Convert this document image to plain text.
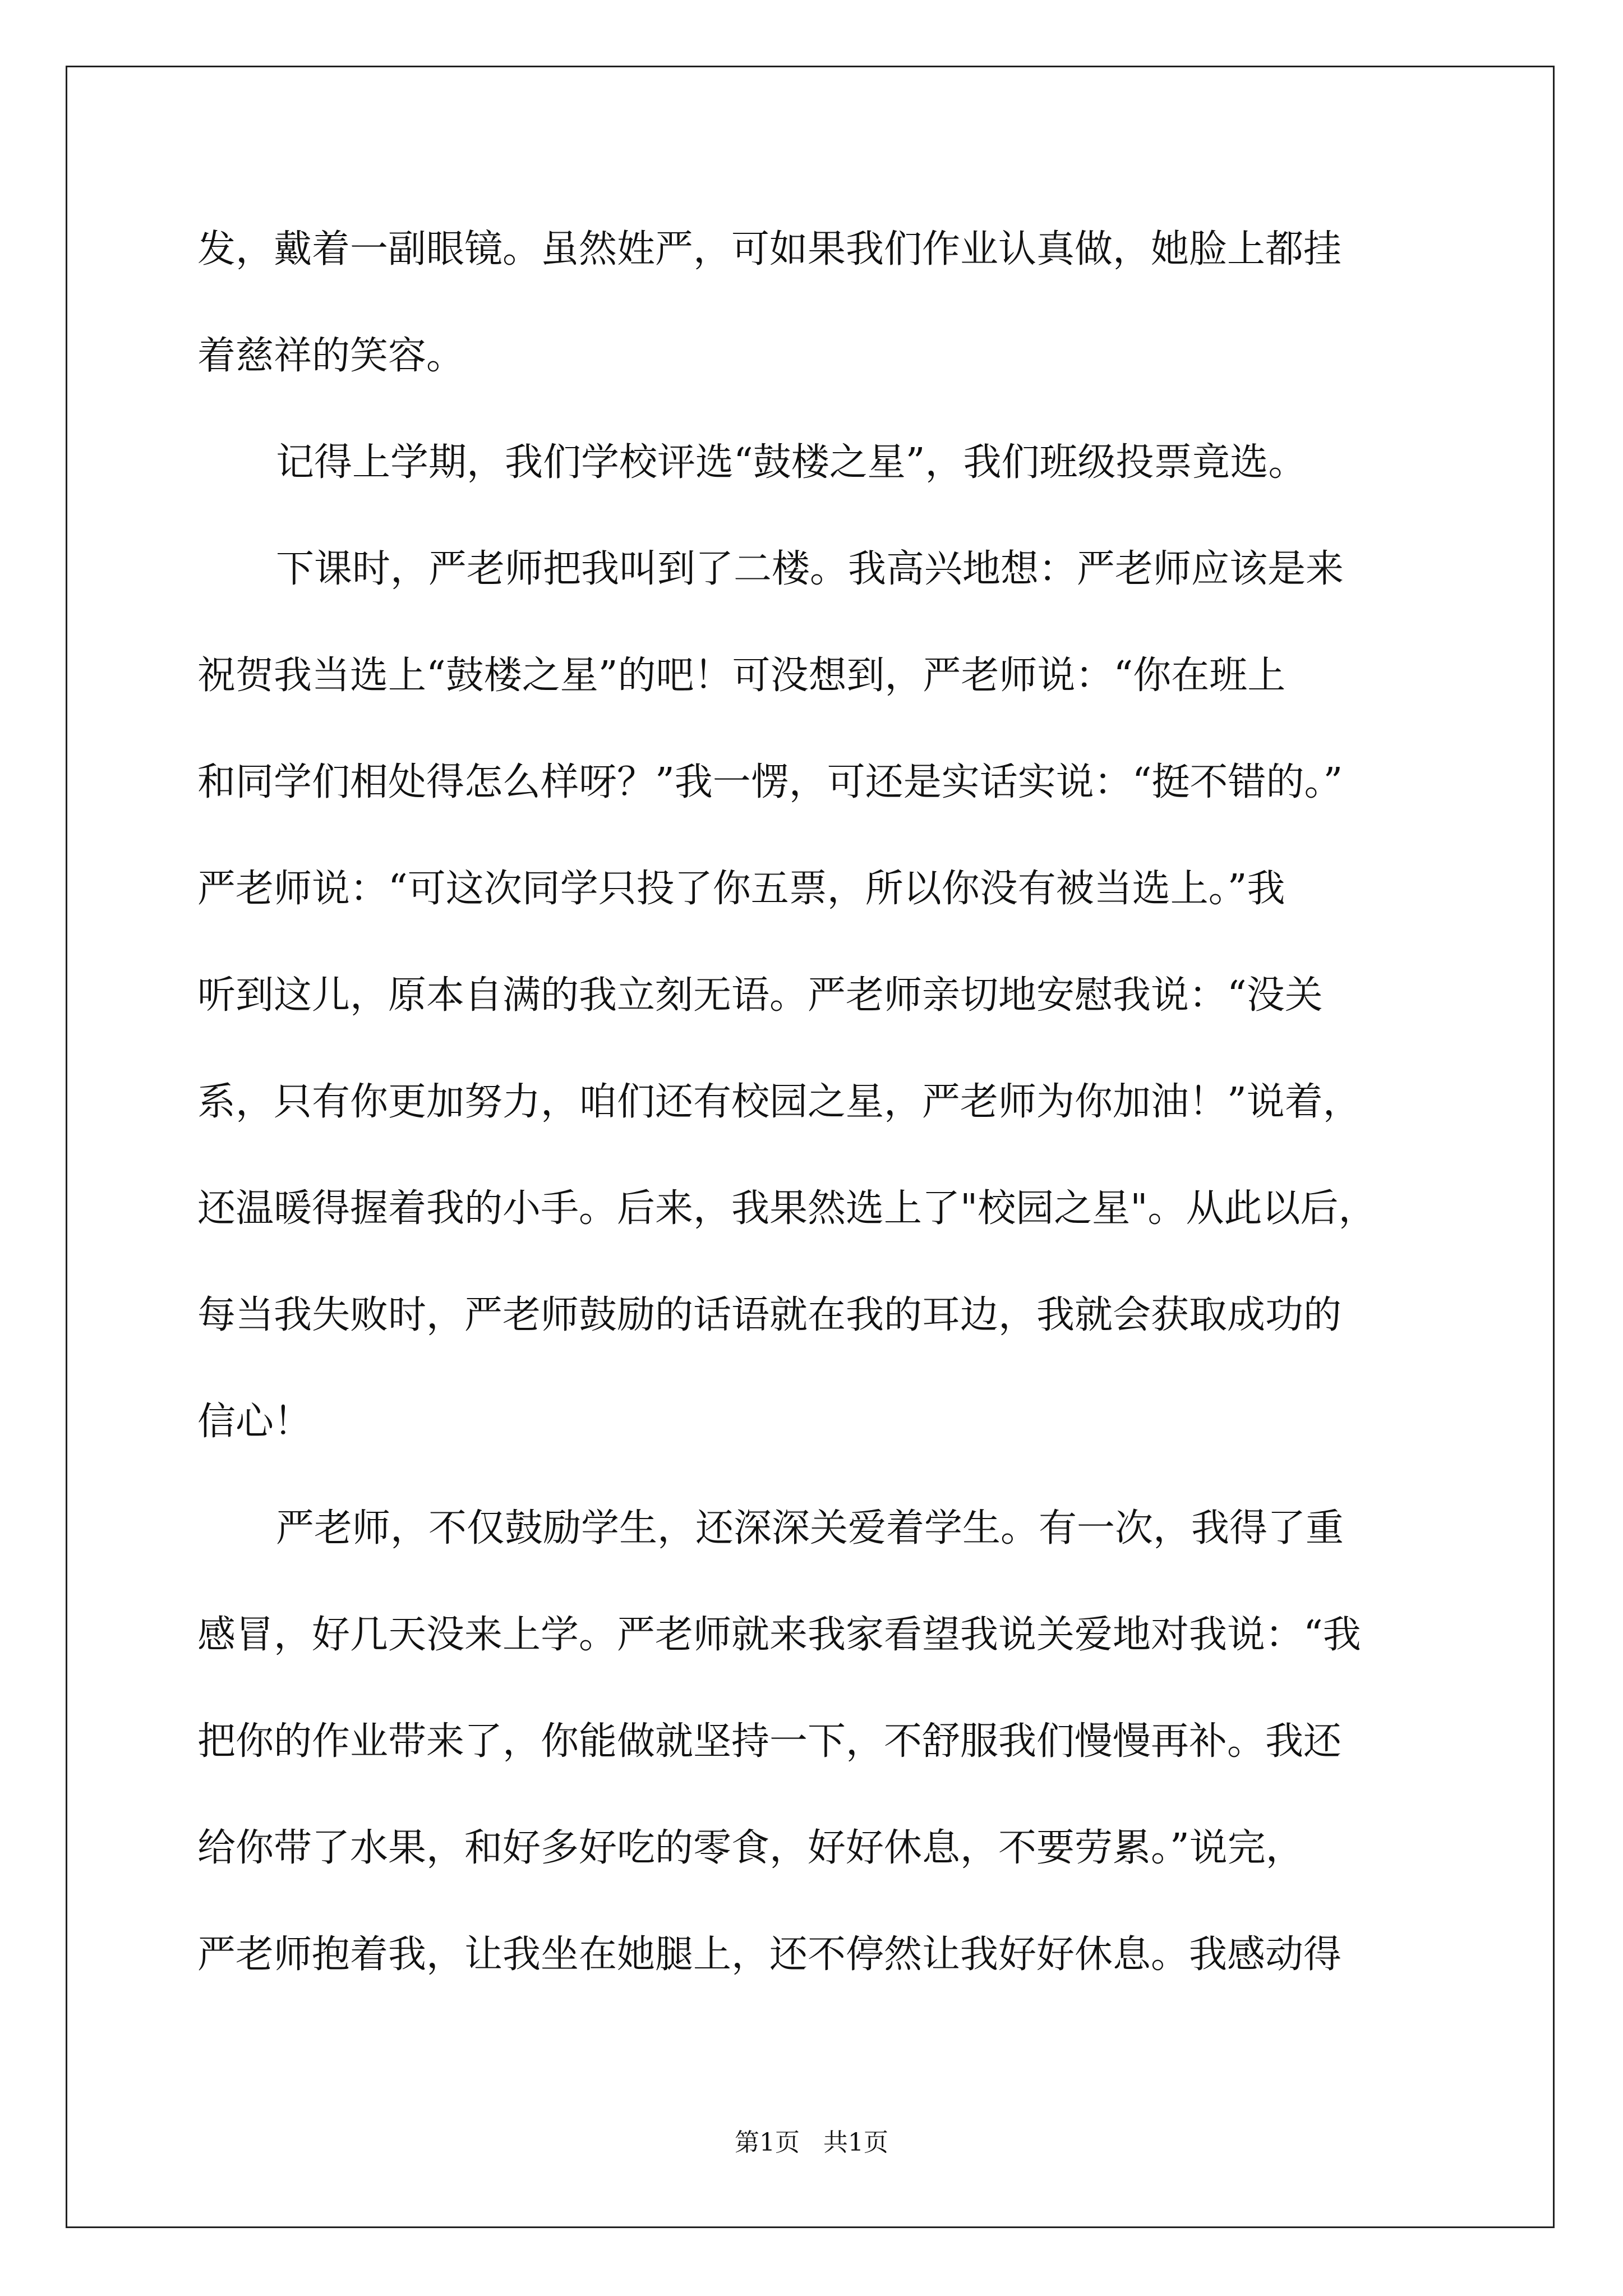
发，戴着一副眼镜。虽然姓严，可如果我们作业认真做，她脸上都挂
着慈祥的笑容。
记得上学期，我们学校评选“鼓楼之星”，我们班级投票竟选。
下课时，严老师把我叫到了二楼。我高兴地想：严老师应该是来
祝贺我当选上“鼓楼之星”的吧！可没想到，严老师说：“你在班上
和同学们相处得怎么样呀？”我一愣，可还是实话实说：“挺不错的。”
严老师说：“可这次同学只投了你五票，所以你没有被当选上。”我
听到这儿，原本自满的我立刻无语。严老师亲切地安慰我说：“没关
系，只有你更加努力，咱们还有校园之星，严老师为你加油！”说着，
还温暖得握着我的小手。后来，我果然选上了"校园之星"。从此以后，
每当我失败时，严老师鼓励的话语就在我的耳边，我就会获取成功的
信心！
严老师，不仅鼓励学生，还深深关爱着学生。有一次，我得了重
感冒，好几天没来上学。严老师就来我家看望我说关爱地对我说：“我
把你的作业带来了，你能做就坚持一下，不舒服我们慢慢再补。我还
给你带了水果，和好多好吃的零食，好好休息，不要劳累。”说完，
严老师抱着我，让我坐在她腿上，还不停然让我好好休息。我感动得
第1页   共1页
